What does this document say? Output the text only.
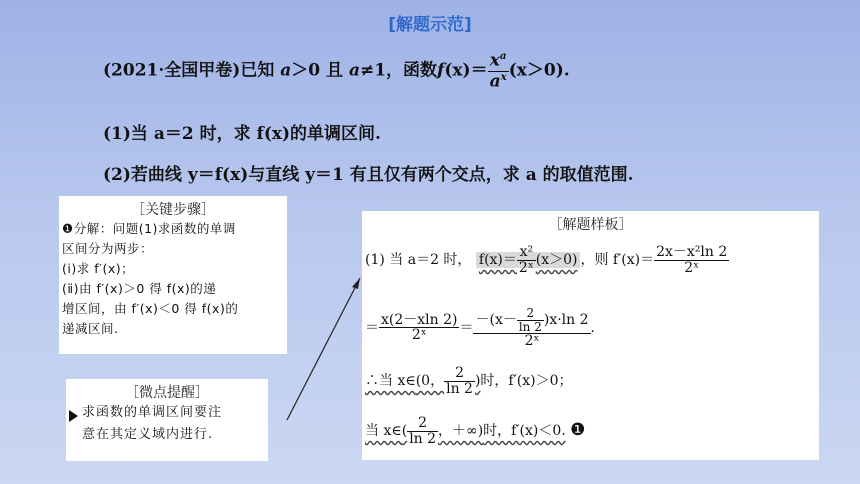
[解题示范]
(2021·全国甲卷)已知 a＞0 且 a≠1，函数$f(x)= \frac{x^a}{a^x} (x>0)$.
(1)当 a＝2 时，求 f(x)的单调区间.
(2)若曲线 y＝f(x)与直线 y＝1 有且仅有两个交点，求 a 的取值范围.
［关键步骤］
❶分解：问题(1)求函数的单调
区间分为两步：
(ⅰ)求 f′(x)；
(ⅱ)由 f′(x)＞0 得 f(x)的递
增区间，由 f′(x)＜0 得 f(x)的
递减区间.
［微点提醒］
求函数的单调区间要注
意在其定义域内进行.
［解题样板］
(1) 当 a＝2 时， $f(x)= \frac{\text{x²}}{\text{2ˣ}} (x>0)$ ，则 $f'(x)= \frac{\text{2x－x²ln 2}}{\text{2ˣ}}$
＝ $\frac{x(2-xln 2)}{\text{2ˣ}} = \frac{-(x- \frac{2}{\ln 2} )x\cdot\ln 2}{\text{2ˣ}}$ .
∴当 x∈(0， $\frac{2}{\ln 2}$ )时，f′(x)＞0；
当 x∈( $\frac{2}{\ln 2}$ ，＋∞)时，f′(x)＜0. ❶
